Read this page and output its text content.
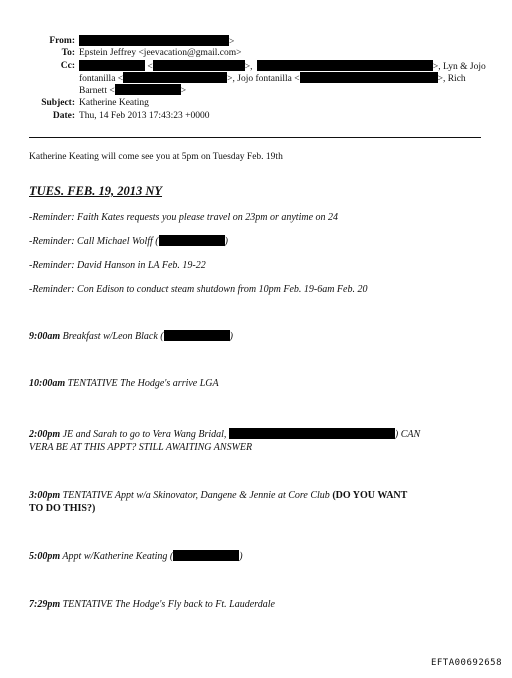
From:	>
To: Epstein Jeffrey <jeevacation@gmail.com>
Cc:	<	>,	>, Lyn & Jojo
fontanilla <	>, Jojo fontanilla <	>, Rich
Barnett <	>
Subject: Katherine Keating
Date: Thu, 14 Feb 2013 17:43:23 +0000
Katherine Keating will come see you at 5pm on Tuesday Feb. 19th
TUES. FEB. 19, 2013 NY
-Reminder: Faith Kates requests you please travel on 23pm or anytime on 24
-Reminder: Call Michael Wolff (	)
-Reminder: David Hanson in LA Feb. 19-22
-Reminder: Con Edison to conduct steam shutdown from 10pm Feb. 19-6am Feb. 20
9:00am Breakfast w/Leon Black (	)
10:00am TENTATIVE The Hodge's arrive LGA
2:00pm JE and Sarah to go to Vera Wang Bridal,	) CAN
VERA BE AT THIS APPT? STILL AWAITING ANSWER
3:00pm TENTATIVE Appt w/a Skinovator, Dangene & Jennie at Core Club (DO YOU WANT
TO DO THIS?)
5:00pm Appt w/Katherine Keating (	)
7:29pm TENTATIVE The Hodge's Fly back to Ft. Lauderdale
EFTA00692658
